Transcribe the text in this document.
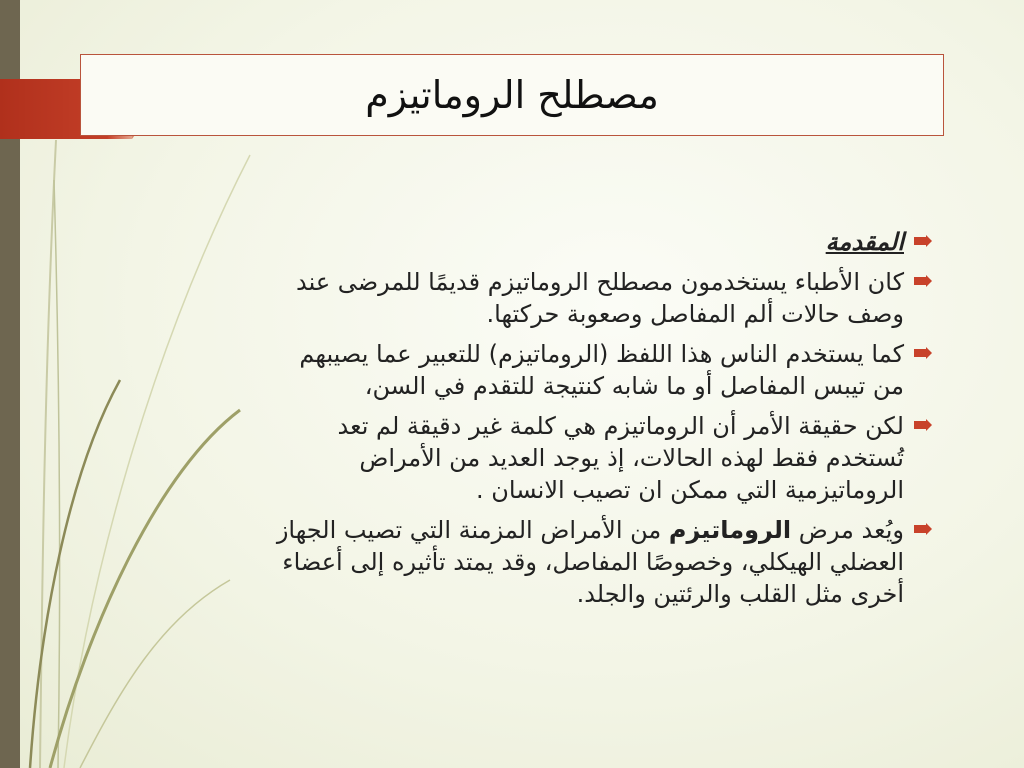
مصطلح الروماتيزم
المقدمة
كان الأطباء يستخدمون مصطلح الروماتيزم قديمًا للمرضى عند
وصف حالات ألم المفاصل وصعوبة حركتها.
كما يستخدم الناس هذا اللفظ (الروماتيزم) للتعبير عما يصيبهم
من تيبس المفاصل أو ما شابه كنتيجة للتقدم في السن،
لكن حقيقة الأمر أن الروماتيزم هي كلمة غير دقيقة لم تعد
تُستخدم فقط لهذه الحالات، إذ يوجد العديد من الأمراض
الروماتيزمية التي ممكن ان تصيب الانسان .
ويُعد مرض الروماتيزم من الأمراض المزمنة التي تصيب الجهاز
العضلي الهيكلي، وخصوصًا المفاصل، وقد يمتد تأثيره إلى أعضاء
أخرى مثل القلب والرئتين والجلد.
